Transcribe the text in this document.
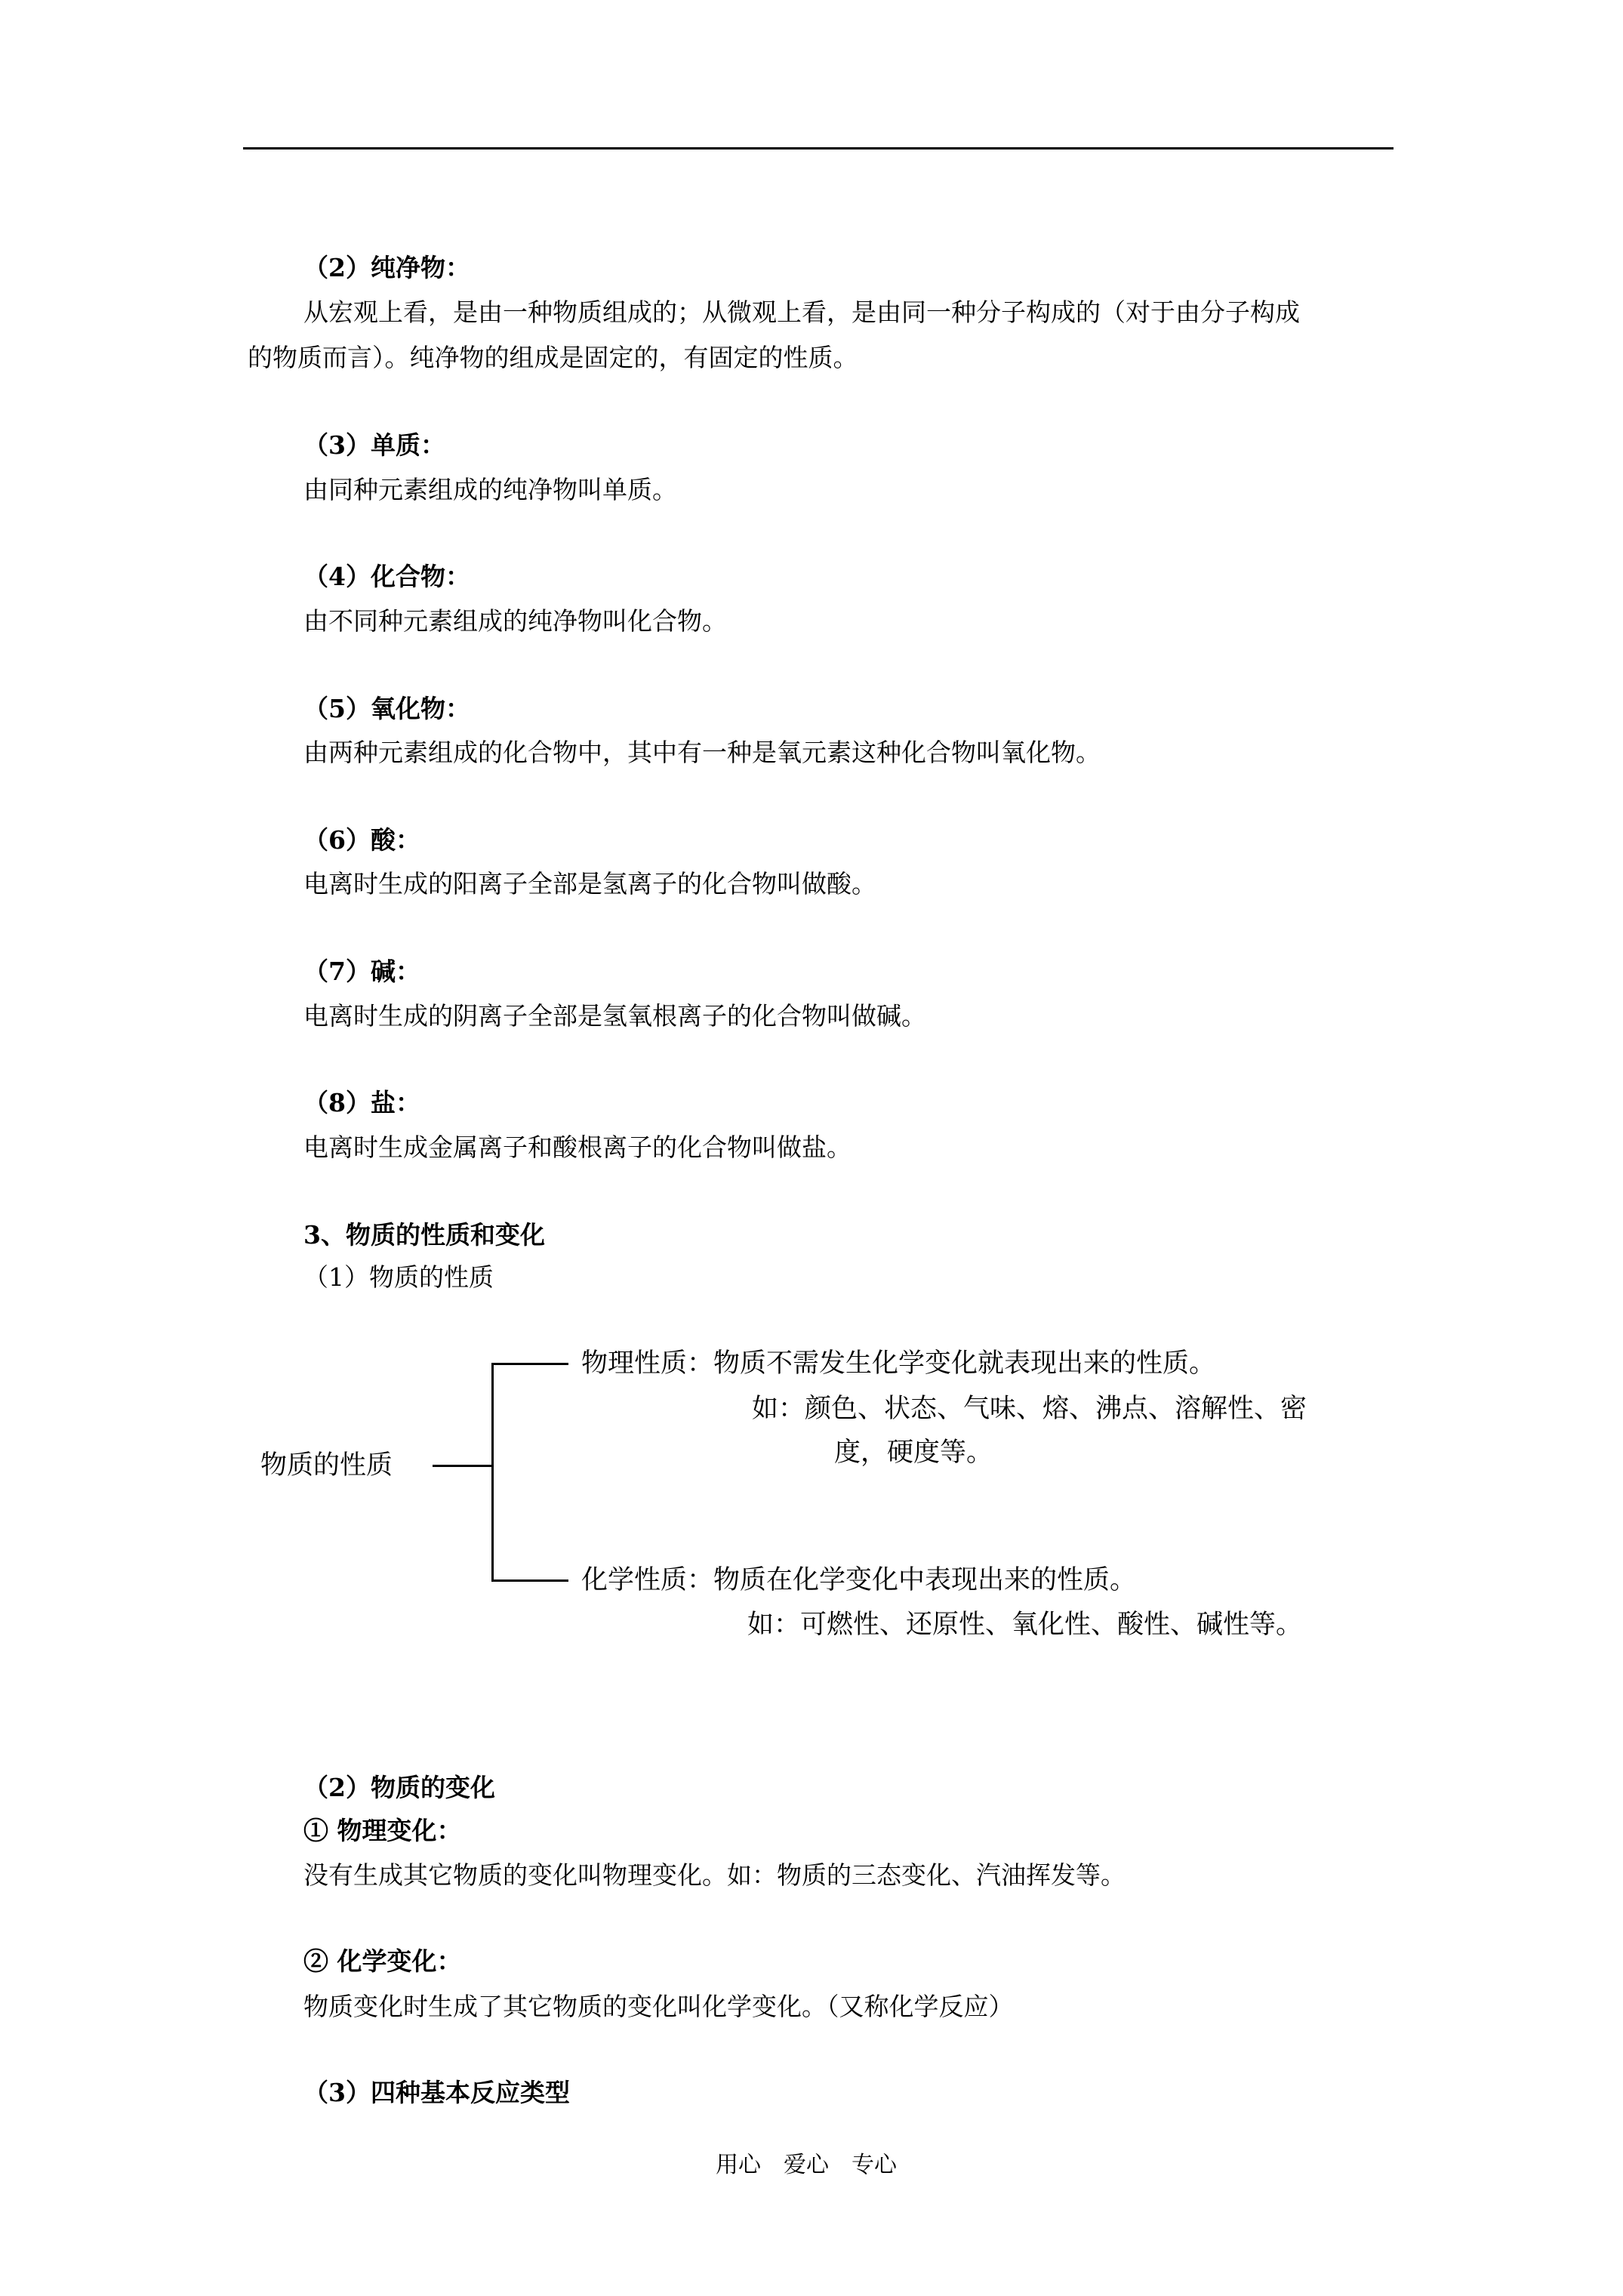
（2）纯净物：
从宏观上看，是由一种物质组成的；从微观上看，是由同一种分子构成的（对于由分子构成
的物质而言）。纯净物的组成是固定的，有固定的性质。
（3）单质：
由同种元素组成的纯净物叫单质。
（4）化合物：
由不同种元素组成的纯净物叫化合物。
（5）氧化物：
由两种元素组成的化合物中，其中有一种是氧元素这种化合物叫氧化物。
（6）酸：
电离时生成的阳离子全部是氢离子的化合物叫做酸。
（7）碱：
电离时生成的阴离子全部是氢氧根离子的化合物叫做碱。
（8）盐：
电离时生成金属离子和酸根离子的化合物叫做盐。
3、物质的性质和变化
（1）物质的性质
物质的性质
物理性质：物质不需发生化学变化就表现出来的性质。
如：颜色、状态、气味、熔、沸点、溶解性、密
度，硬度等。
化学性质：物质在化学变化中表现出来的性质。
如：可燃性、还原性、氧化性、酸性、碱性等。
（2）物质的变化
① 物理变化：
没有生成其它物质的变化叫物理变化。如：物质的三态变化、汽油挥发等。
② 化学变化：
物质变化时生成了其它物质的变化叫化学变化。（又称化学反应）
（3）四种基本反应类型
用心　爱心　专心
